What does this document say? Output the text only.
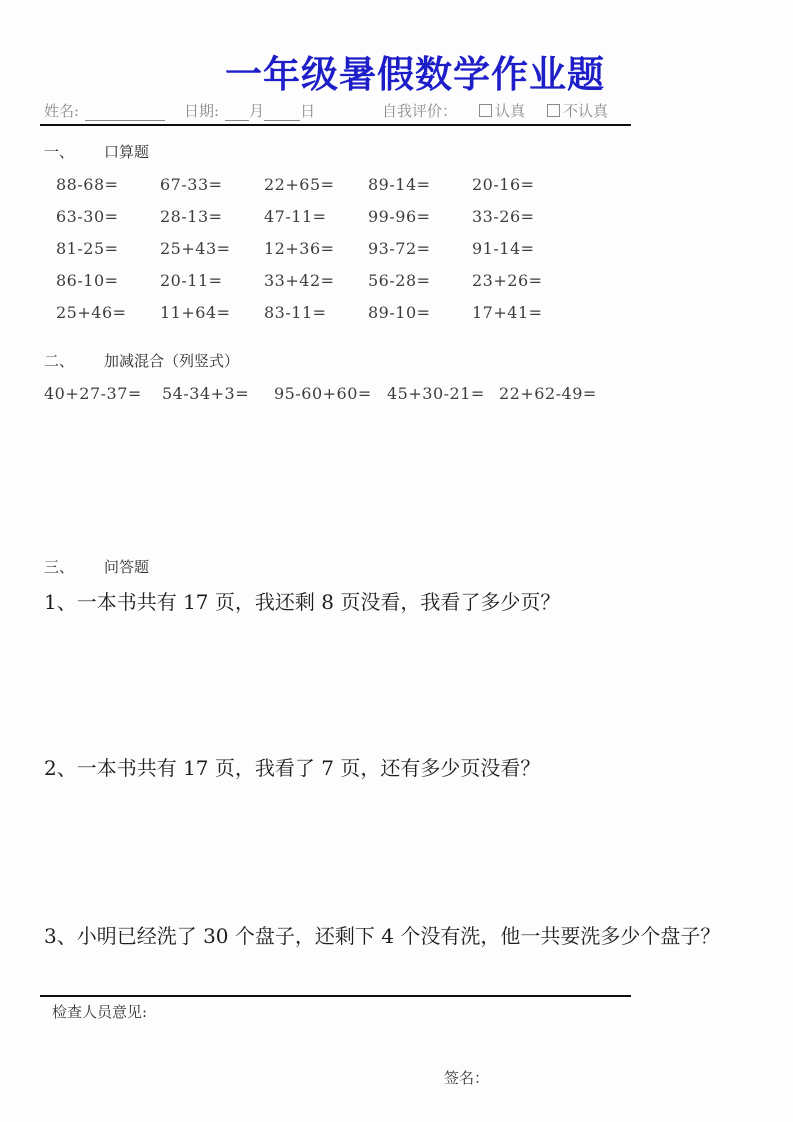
一年级暑假数学作业题
姓名:	日期: 月 日	自我评价：	认真	不认真
一、 口算题
88-68=	67-33=	22+65=	89-14=	20-16=
63-30=	28-13=	47-11=	99-96=	33-26=
81-25=	25+43=	12+36=	93-72=	91-14=
86-10=	20-11=	33+42=	56-28=	23+26=
25+46=	11+64=	83-11=	89-10=	17+41=
二、 加减混合（列竖式）
40+27-37=	54-34+3=	95-60+60= 45+30-21= 22+62-49=
三、 问答题

1、一本书共有 17 页，我还剩 8 页没看，我看了多少页？

2、一本书共有 17 页，我看了 7 页，还有多少页没看？

3、小明已经洗了 30 个盘子，还剩下 4 个没有洗，他一共要洗多少个盘子？

检查人员意见:
签名：
